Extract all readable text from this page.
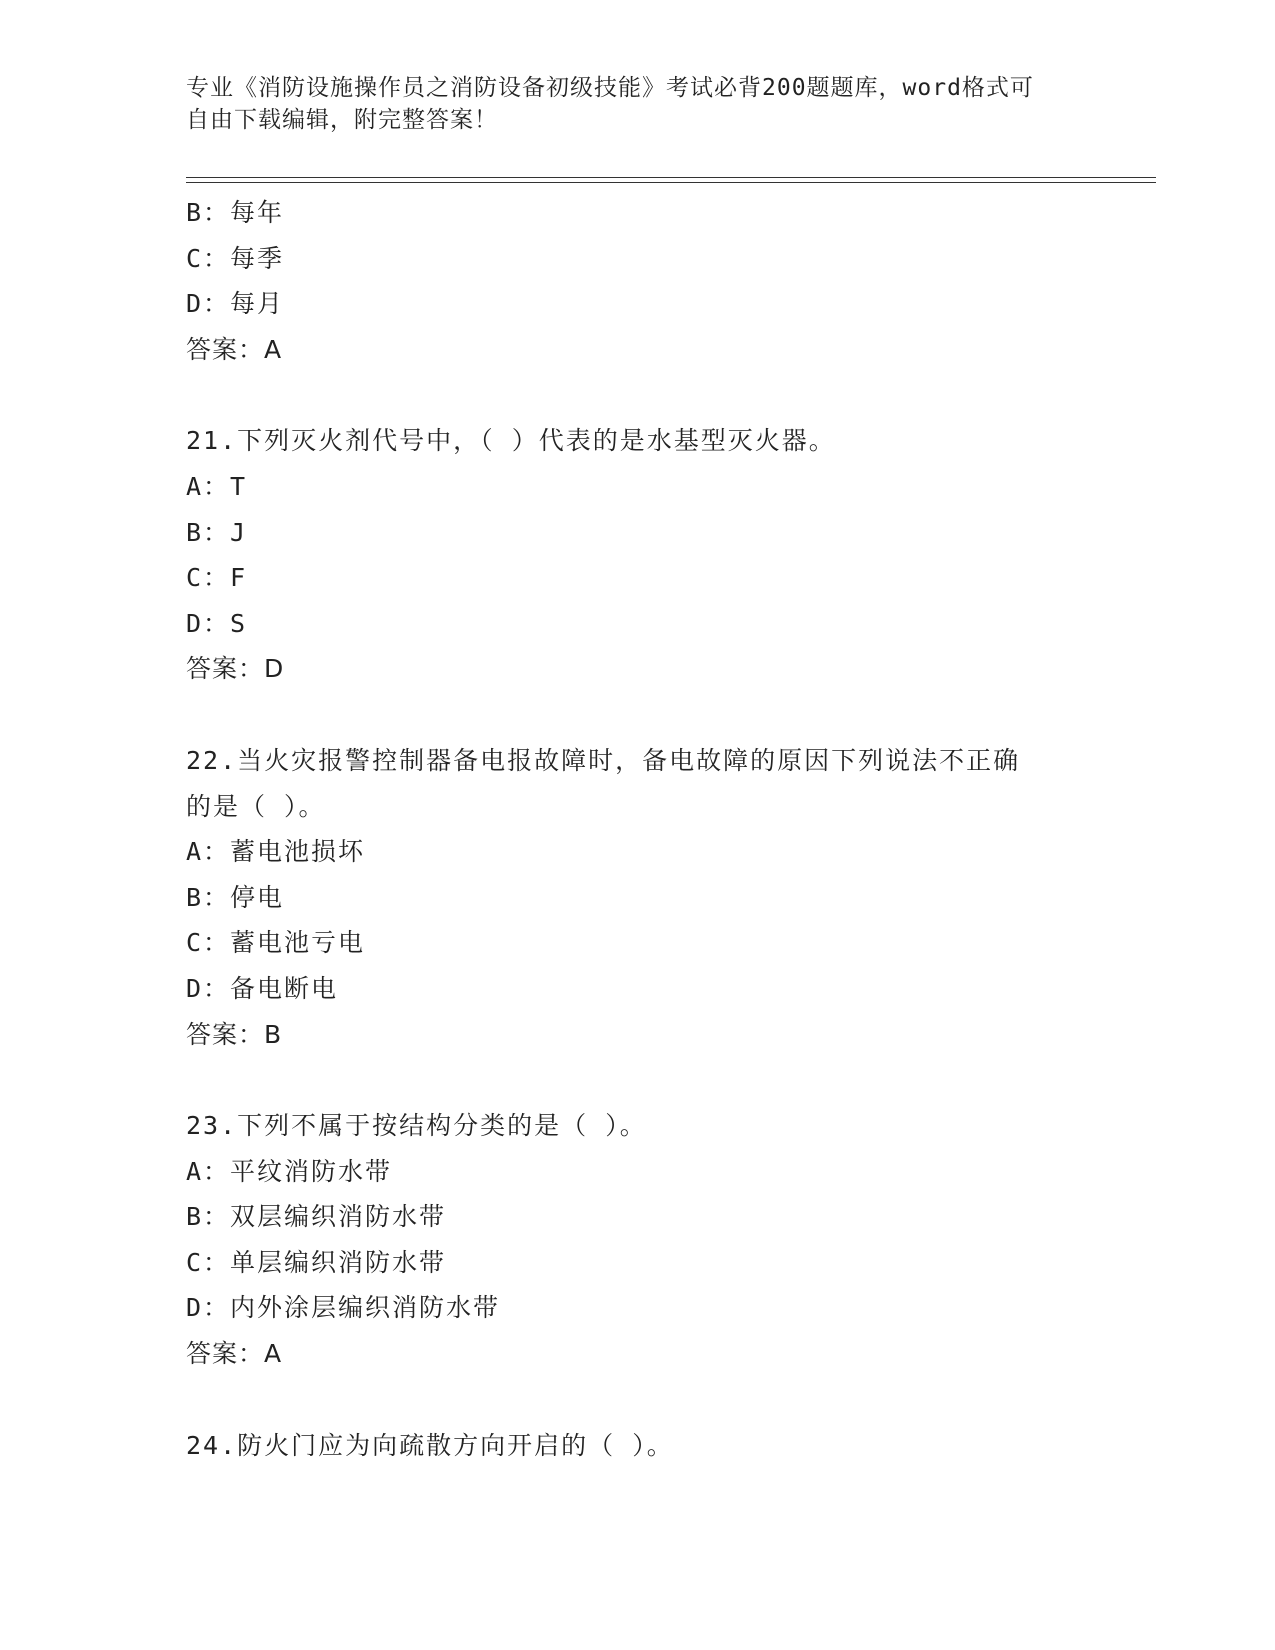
专业《消防设施操作员之消防设备初级技能》考试必背200题题库，word格式可
自由下载编辑，附完整答案！
B：每年
C：每季
D：每月
答案：A
21.下列灭火剂代号中，（ ）代表的是水基型灭火器。
A：T
B：J
C：F
D：S
答案：D
22.当火灾报警控制器备电报故障时，备电故障的原因下列说法不正确
的是（ ）。
A：蓄电池损坏
B：停电
C：蓄电池亏电
D：备电断电
答案：B
23.下列不属于按结构分类的是（ ）。
A：平纹消防水带
B：双层编织消防水带
C：单层编织消防水带
D：内外涂层编织消防水带
答案：A
24.防火门应为向疏散方向开启的（ ）。
